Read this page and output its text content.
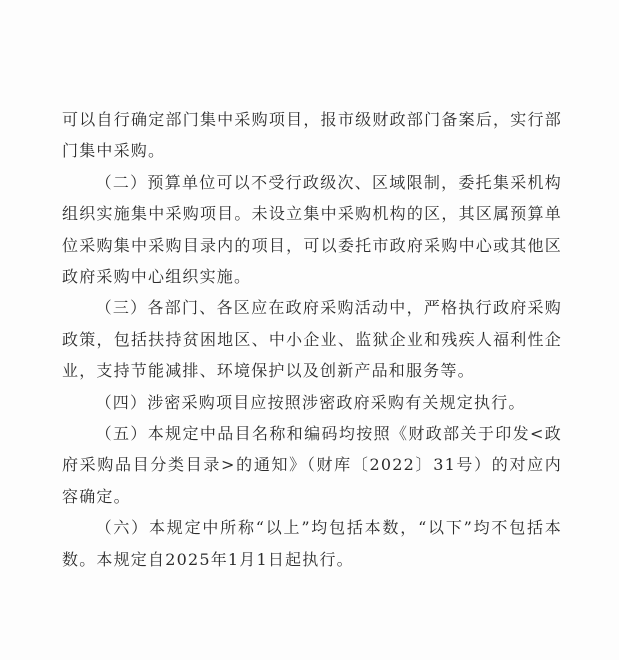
可以自行确定部门集中采购项目，报市级财政部门备案后，实行部门集中采购。

（二）预算单位可以不受行政级次、区域限制，委托集采机构组织实施集中采购项目。未设立集中采购机构的区，其区属预算单位采购集中采购目录内的项目，可以委托市政府采购中心或其他区政府采购中心组织实施。

（三）各部门、各区应在政府采购活动中，严格执行政府采购政策，包括扶持贫困地区、中小企业、监狱企业和残疾人福利性企业，支持节能减排、环境保护以及创新产品和服务等。

（四）涉密采购项目应按照涉密政府采购有关规定执行。

（五）本规定中品目名称和编码均按照《财政部关于印发<政府采购品目分类目录>的通知》（财库〔2022〕31号）的对应内容确定。

（六）本规定中所称“以上”均包括本数，“以下”均不包括本数。本规定自2025年1月1日起执行。
